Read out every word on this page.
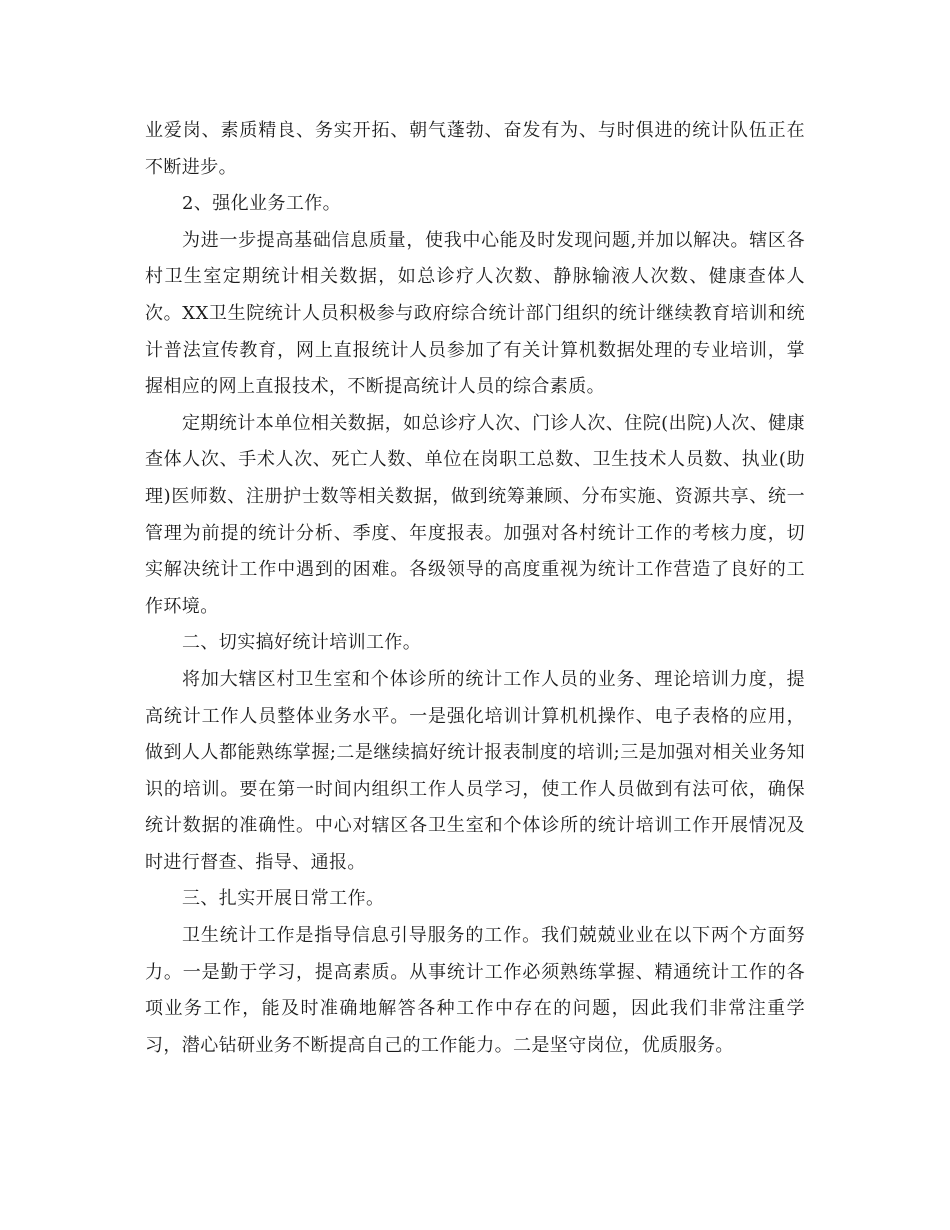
业爱岗、素质精良、务实开拓、朝气蓬勃、奋发有为、与时俱进的统计队伍正在不断进步。

2、强化业务工作。

为进一步提高基础信息质量，使我中心能及时发现问题,并加以解决。辖区各村卫生室定期统计相关数据，如总诊疗人次数、静脉输液人次数、健康查体人次。XX卫生院统计人员积极参与政府综合统计部门组织的统计继续教育培训和统计普法宣传教育，网上直报统计人员参加了有关计算机数据处理的专业培训，掌握相应的网上直报技术，不断提高统计人员的综合素质。

定期统计本单位相关数据，如总诊疗人次、门诊人次、住院(出院)人次、健康查体人次、手术人次、死亡人数、单位在岗职工总数、卫生技术人员数、执业(助理)医师数、注册护士数等相关数据，做到统筹兼顾、分布实施、资源共享、统一管理为前提的统计分析、季度、年度报表。加强对各村统计工作的考核力度，切实解决统计工作中遇到的困难。各级领导的高度重视为统计工作营造了良好的工作环境。

二、切实搞好统计培训工作。

将加大辖区村卫生室和个体诊所的统计工作人员的业务、理论培训力度，提高统计工作人员整体业务水平。一是强化培训计算机机操作、电子表格的应用，做到人人都能熟练掌握;二是继续搞好统计报表制度的培训;三是加强对相关业务知识的培训。要在第一时间内组织工作人员学习，使工作人员做到有法可依，确保统计数据的准确性。中心对辖区各卫生室和个体诊所的统计培训工作开展情况及时进行督查、指导、通报。

三、扎实开展日常工作。

卫生统计工作是指导信息引导服务的工作。我们兢兢业业在以下两个方面努力。一是勤于学习，提高素质。从事统计工作必须熟练掌握、精通统计工作的各项业务工作，能及时准确地解答各种工作中存在的问题，因此我们非常注重学习，潜心钻研业务不断提高自己的工作能力。二是坚守岗位，优质服务。
